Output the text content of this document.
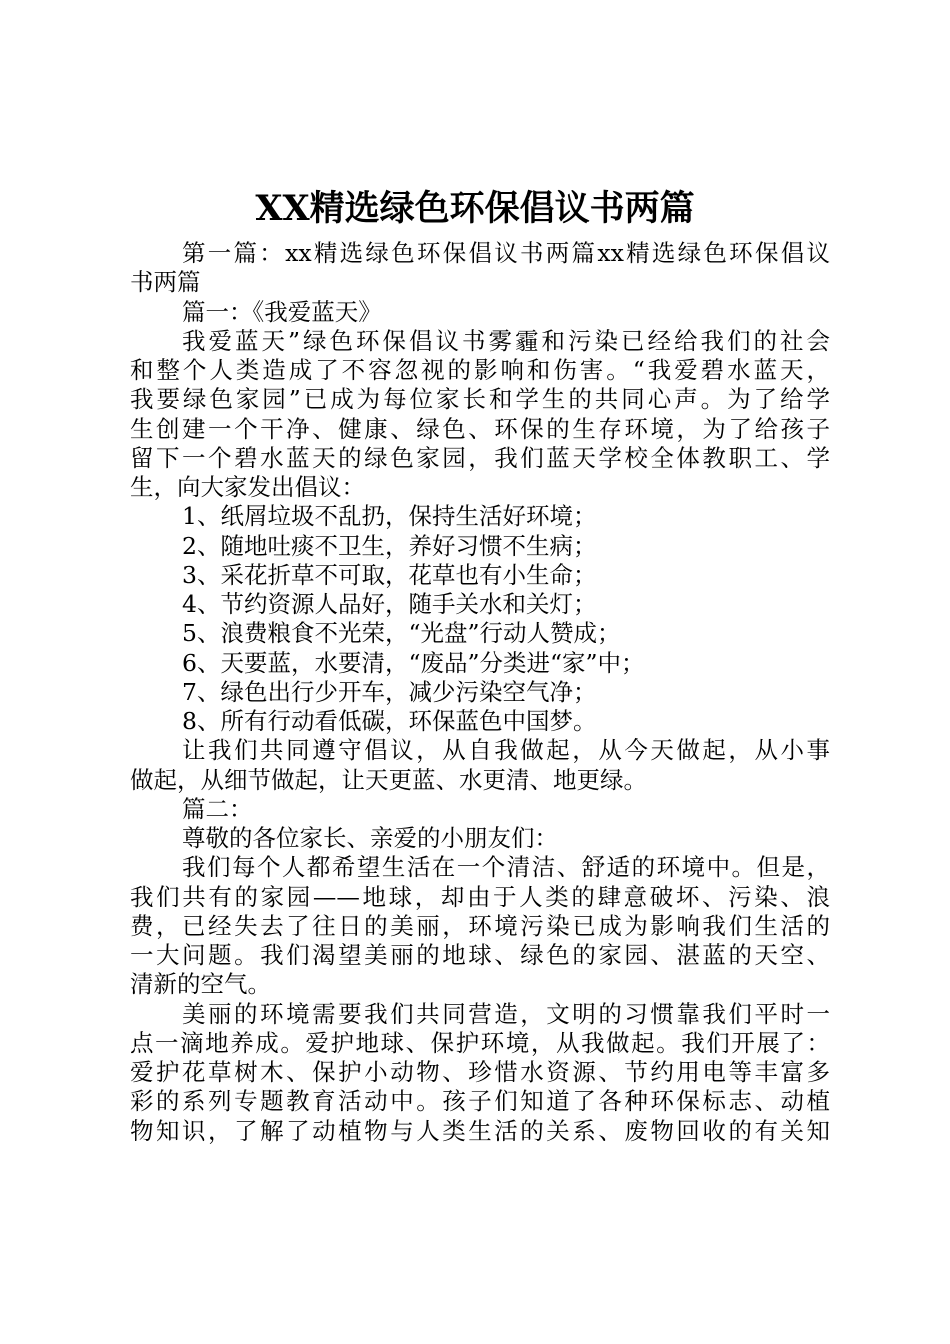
XX精选绿色环保倡议书两篇
第一篇：xx精选绿色环保倡议书两篇xx精选绿色环保倡议
书两篇
篇一：《我爱蓝天》
我爱蓝天”绿色环保倡议书雾霾和污染已经给我们的社会
和整个人类造成了不容忽视的影响和伤害。“我爱碧水蓝天，
我要绿色家园”已成为每位家长和学生的共同心声。为了给学
生创建一个干净、健康、绿色、环保的生存环境，为了给孩子
留下一个碧水蓝天的绿色家园，我们蓝天学校全体教职工、学
生，向大家发出倡议：
1、纸屑垃圾不乱扔，保持生活好环境；
2、随地吐痰不卫生，养好习惯不生病；
3、采花折草不可取，花草也有小生命；
4、节约资源人品好，随手关水和关灯；
5、浪费粮食不光荣，“光盘”行动人赞成；
6、天要蓝，水要清，“废品”分类进“家”中；
7、绿色出行少开车，减少污染空气净；
8、所有行动看低碳，环保蓝色中国梦。
让我们共同遵守倡议，从自我做起，从今天做起，从小事
做起，从细节做起，让天更蓝、水更清、地更绿。
篇二：
尊敬的各位家长、亲爱的小朋友们：
我们每个人都希望生活在一个清洁、舒适的环境中。但是，
我们共有的家园——地球，却由于人类的肆意破坏、污染、浪
费，已经失去了往日的美丽，环境污染已成为影响我们生活的
一大问题。我们渴望美丽的地球、绿色的家园、湛蓝的天空、
清新的空气。
美丽的环境需要我们共同营造，文明的习惯靠我们平时一
点一滴地养成。爱护地球、保护环境，从我做起。我们开展了：
爱护花草树木、保护小动物、珍惜水资源、节约用电等丰富多
彩的系列专题教育活动中。孩子们知道了各种环保标志、动植
物知识，了解了动植物与人类生活的关系、废物回收的有关知
